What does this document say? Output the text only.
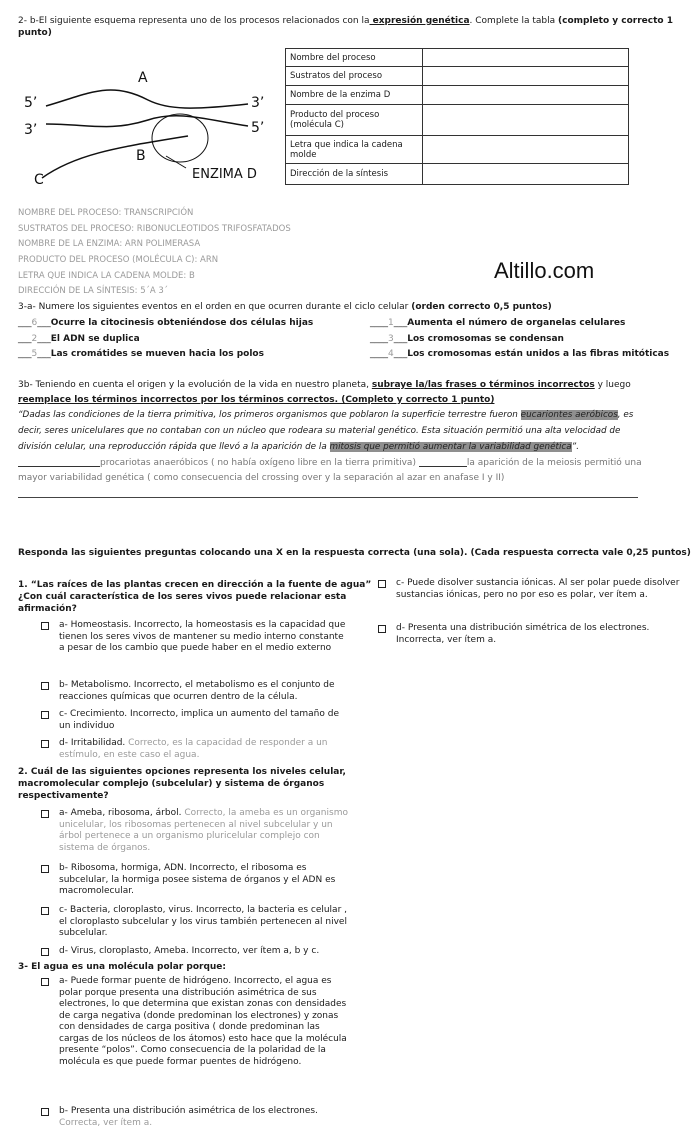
2- b-El siguiente esquema representa uno de los procesos relacionados con la expresión genética. Complete la tabla (completo y correcto 1
punto)
A
B
C
5’
3’
3’
5’
ENZIMA D
Nombre del proceso	
Sustratos del proceso	
Nombre de la enzima D	
Producto del proceso (molécula C)	
Letra que indica la cadena molde	
Dirección de la síntesis	
NOMBRE DEL PROCESO: TRANSCRIPCIÓN
SUSTRATOS DEL PROCESO: RIBONUCLEOTIDOS TRIFOSFATADOS
NOMBRE DE LA ENZIMA: ARN POLIMERASA
PRODUCTO DEL PROCESO (MOLÉCULA C): ARN
LETRA QUE INDICA LA CADENA MOLDE: B
DIRECCIÓN DE LA SÍNTESIS: 5´A 3´
Altillo.com
3-a- Numere los siguientes eventos en el orden en que ocurren durante el ciclo celular (orden correcto 0,5 puntos)
___6___Ocurre la citocinesis obteniéndose dos células hijas	____1___Aumenta el número de organelas celulares
___2___El ADN se duplica	____3___Los cromosomas se condensan
___5___Las cromátides se mueven hacia los polos	____4___Los cromosomas están unidos a las fibras mitóticas
3b- Teniendo en cuenta el origen y la evolución de la vida en nuestro planeta, subraye la/las frases o términos incorrectos y luego
reemplace los términos incorrectos por los términos correctos. (Completo y correcto 1 punto)
“Dadas las condiciones de la tierra primitiva, los primeros organismos que poblaron la superficie terrestre fueron eucariontes aeróbicos, es
decir, seres unicelulares que no contaban con un núcleo que rodeara su material genético. Esta situación permitió una alta velocidad de
división celular, una reproducción rápida que llevó a la aparición de la mitosis que permitió aumentar la variabilidad genética”.
procariotas anaeróbicos ( no había oxígeno libre en la tierra primitiva)	la aparición de la meiosis permitió una
mayor variabilidad genética ( como consecuencia del crossing over y la separación al azar en anafase I y II)
Responda las siguientes preguntas colocando una X en la respuesta correcta (una sola). (Cada respuesta correcta vale 0,25 puntos)
1. “Las raíces de las plantas crecen en dirección a la fuente de agua”
¿Con cuál característica de los seres vivos puede relacionar esta
afirmación?
a- Homeostasis. Incorrecto, la homeostasis es la capacidad que tienen los seres vivos de mantener su medio interno constante a pesar de los cambio que puede haber en el medio externo
b- Metabolismo. Incorrecto, el metabolismo es el conjunto de reacciones químicas que ocurren dentro de la célula.
c- Crecimiento. Incorrecto, implica un aumento del tamaño de un individuo
d- Irritabilidad. Correcto, es la capacidad de responder a un estímulo, en este caso el agua.
c- Puede disolver sustancia iónicas. Al ser polar puede disolver sustancias iónicas, pero no por eso es polar, ver ítem a.
d- Presenta una distribución simétrica de los electrones. Incorrecta, ver ítem a.
2. Cuál de las siguientes opciones representa los niveles celular,
macromolecular complejo (subcelular) y sistema de órganos
respectivamente?
a- Ameba, ribosoma, árbol. Correcto, la ameba es un organismo unicelular, los ribosomas pertenecen al nivel subcelular y un árbol pertenece a un organismo pluricelular complejo con sistema de órganos.
b- Ribosoma, hormiga, ADN. Incorrecto, el ribosoma es subcelular, la hormiga posee sistema de órganos y el ADN es macromolecular.
c- Bacteria, cloroplasto, virus. Incorrecto, la bacteria es celular , el cloroplasto subcelular y los virus también pertenecen al nivel subcelular.
d- Virus, cloroplasto, Ameba. Incorrecto, ver ítem a, b y c.
3- El agua es una molécula polar porque:
a- Puede formar puente de hidrógeno. Incorrecto, el agua es polar porque presenta una distribución asimétrica de sus electrones, lo que determina que existan zonas con densidades de carga negativa (donde predominan los electrones) y zonas con densidades de carga positiva ( donde predominan las cargas de los núcleos de los átomos) esto hace que la molécula presente “polos”. Como consecuencia de la polaridad de la molécula es que puede formar puentes de hidrógeno.
b- Presenta una distribución asimétrica de los electrones. Correcta, ver ítem a.
